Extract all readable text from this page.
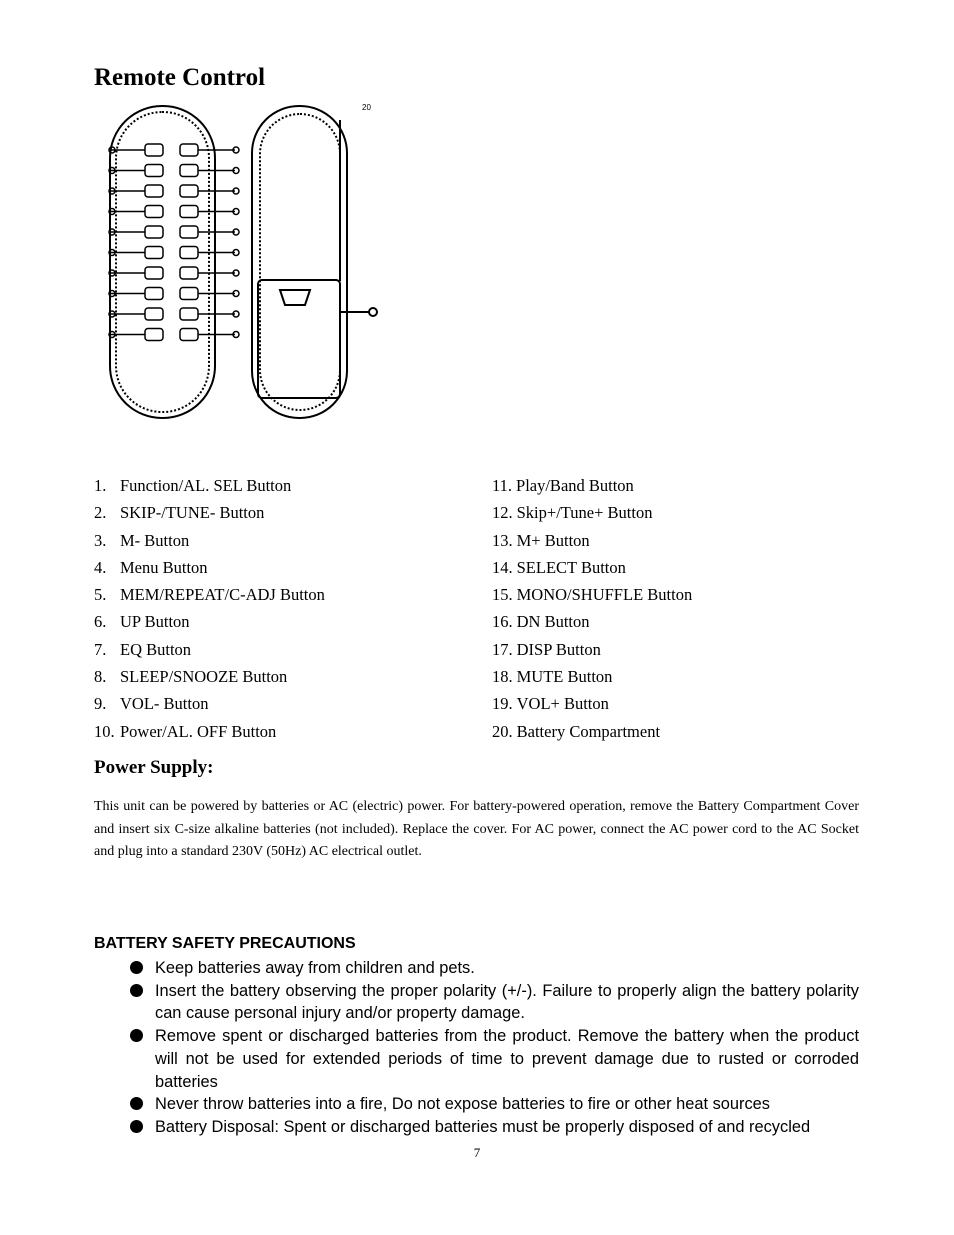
Remote Control
20
1. Function/AL. SEL Button
2. SKIP-/TUNE- Button
3. M- Button
4. Menu Button
5. MEM/REPEAT/C-ADJ Button
6. UP Button
7. EQ Button
8. SLEEP/SNOOZE Button
9. VOL- Button
10. Power/AL. OFF Button
11. Play/Band Button
12. Skip+/Tune+ Button
13. M+ Button
14. SELECT Button
15. MONO/SHUFFLE Button
16. DN Button
17. DISP Button
18. MUTE Button
19. VOL+ Button
20. Battery Compartment
Power Supply:

This unit can be powered by batteries or AC (electric) power. For battery-powered operation, remove the Battery Compartment Cover and insert six C-size alkaline batteries (not included). Replace the cover. For AC power, connect the AC power cord to the AC Socket and plug into a standard 230V (50Hz) AC electrical outlet.

BATTERY SAFETY PRECAUTIONS
Keep batteries away from children and pets.
Insert the battery observing the proper polarity (+/-). Failure to properly align the battery polarity can cause personal injury and/or property damage.
Remove spent or discharged batteries from the product. Remove the battery when the product will not be used for extended periods of time to prevent damage due to rusted or corroded batteries
Never throw batteries into a fire, Do not expose batteries to fire or other heat sources
Battery Disposal: Spent or discharged batteries must be properly disposed of and recycled

7
